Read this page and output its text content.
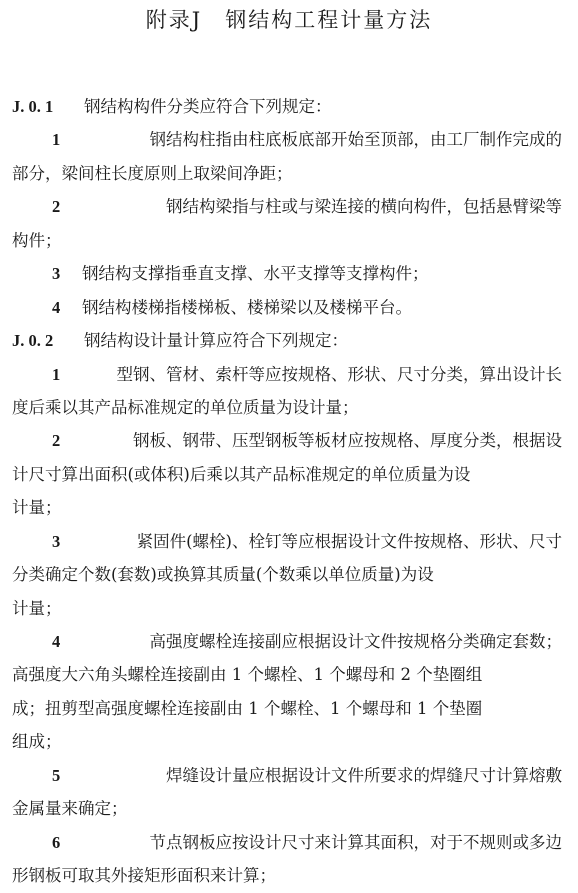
附录J　钢结构工程计量方法
J. 0. 1 钢结构构件分类应符合下列规定：
1	钢结构柱指由柱底板底部开始至顶部，由工厂制作完成的
部分，梁间柱长度原则上取梁间净距；
2	钢结构梁指与柱或与梁连接的横向构件，包括悬臂梁等
构件；
3 钢结构支撑指垂直支撑、水平支撑等支撑构件；
4 钢结构楼梯指楼梯板、楼梯梁以及楼梯平台。
J. 0. 2 钢结构设计量计算应符合下列规定：
1	型钢、管材、索杆等应按规格、形状、尺寸分类，算出设计长
度后乘以其产品标准规定的单位质量为设计量；
2	钢板、钢带、压型钢板等板材应按规格、厚度分类，根据设
计尺寸算出面积(或体积)后乘以其产品标准规定的单位质量为设
计量；
3	紧固件(螺栓)、栓钉等应根据设计文件按规格、形状、尺寸
分类确定个数(套数)或换算其质量(个数乘以单位质量)为设
计量；
4	高强度螺栓连接副应根据设计文件按规格分类确定套数；
高强度大六角头螺栓连接副由 1 个螺栓、1 个螺母和 2 个垫圈组
成；扭剪型高强度螺栓连接副由 1 个螺栓、1 个螺母和 1 个垫圈
组成；
5	焊缝设计量应根据设计文件所要求的焊缝尺寸计算熔敷
金属量来确定；
6	节点钢板应按设计尺寸来计算其面积，对于不规则或多边
形钢板可取其外接矩形面积来计算；
